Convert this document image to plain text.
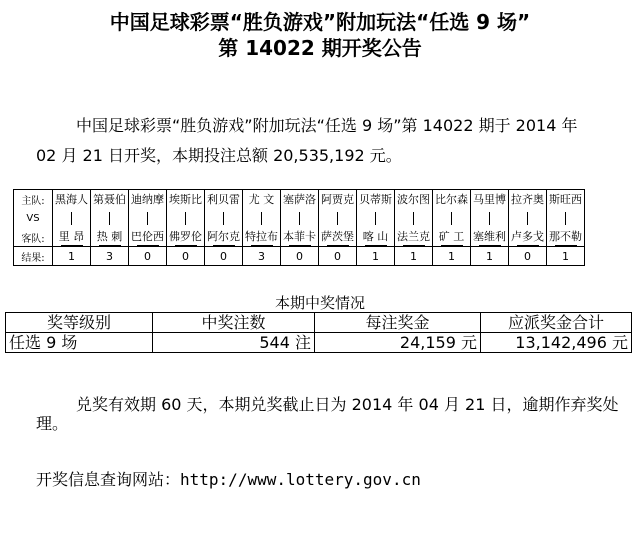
中国足球彩票“胜负游戏”附加玩法“任选 9 场”
第 14022 期开奖公告
中国足球彩票“胜负游戏”附加玩法“任选 9 场”第 14022 期于 2014 年
02 月 21 日开奖，本期投注总额 20,535,192 元。
主队:	黑海人	第聂伯	迪纳摩	埃斯比	利贝雷	尤 文	塞萨洛	阿贾克	贝蒂斯	波尔图	比尔森	马里博	拉齐奥	斯旺西
VS														
客队:	里 昂	热 刺	巴伦西	佛罗伦	阿尔克	特拉布	本菲卡	萨茨堡	喀 山	法兰克	矿 工	塞维利	卢多戈	那不勒

结果:	1	3	0	0	0	3	0	0	1	1	1	1	0	1
本期中奖情况
奖等级别	中奖注数	每注奖金	应派奖金合计
任选 9 场	544 注	24,159 元	13,142,496 元
兑奖有效期 60 天，本期兑奖截止日为 2014 年 04 月 21 日，逾期作弃奖处
理。
开奖信息查询网站：http://www.lottery.gov.cn
